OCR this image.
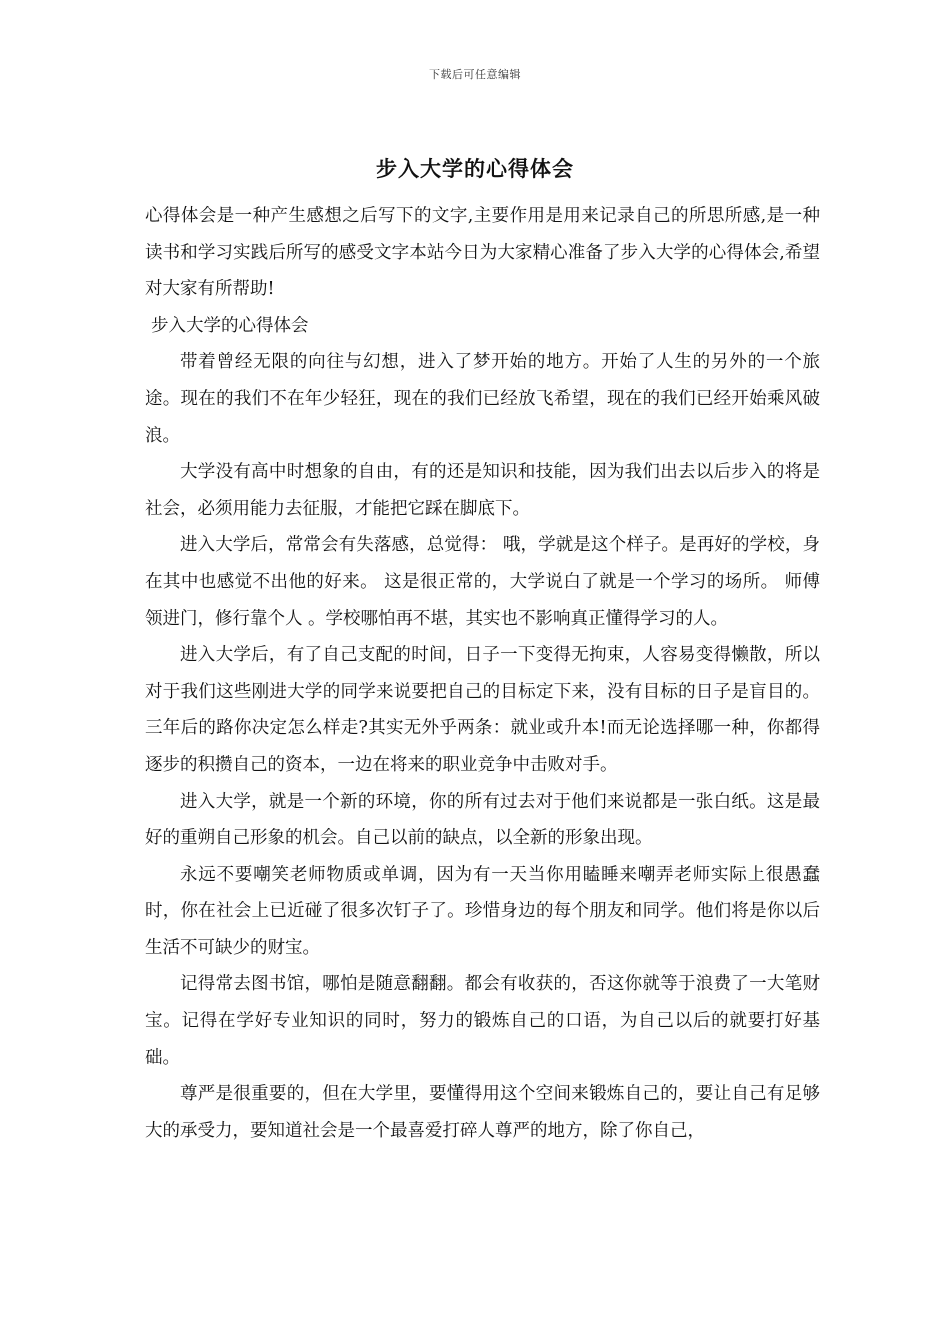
下载后可任意编辑
步入大学的心得体会

心得体会是一种产生感想之后写下的文字,主要作用是用来记录自己的所思所感,是一种读书和学习实践后所写的感受文字本站今日为大家精心准备了步入大学的心得体会,希望对大家有所帮助!

步入大学的心得体会

带着曾经无限的向往与幻想，进入了梦开始的地方。开始了人生的另外的一个旅途。现在的我们不在年少轻狂，现在的我们已经放飞希望，现在的我们已经开始乘风破浪。

大学没有高中时想象的自由，有的还是知识和技能，因为我们出去以后步入的将是社会，必须用能力去征服，才能把它踩在脚底下。

进入大学后，常常会有失落感，总觉得： 哦，学就是这个样子。是再好的学校，身在其中也感觉不出他的好来。 这是很正常的，大学说白了就是一个学习的场所。 师傅领进门，修行靠个人 。学校哪怕再不堪，其实也不影响真正懂得学习的人。

进入大学后，有了自己支配的时间，日子一下变得无拘束，人容易变得懒散，所以对于我们这些刚进大学的同学来说要把自己的目标定下来，没有目标的日子是盲目的。三年后的路你决定怎么样走?其实无外乎两条：就业或升本!而无论选择哪一种，你都得逐步的积攒自己的资本，一边在将来的职业竞争中击败对手。

进入大学，就是一个新的环境，你的所有过去对于他们来说都是一张白纸。这是最好的重朔自己形象的机会。自己以前的缺点，以全新的形象出现。

永远不要嘲笑老师物质或单调，因为有一天当你用瞌睡来嘲弄老师实际上很愚蠢时，你在社会上已近碰了很多次钉子了。珍惜身边的每个朋友和同学。他们将是你以后生活不可缺少的财宝。

记得常去图书馆，哪怕是随意翻翻。都会有收获的，否这你就等于浪费了一大笔财宝。记得在学好专业知识的同时，努力的锻炼自己的口语，为自己以后的就要打好基础。

尊严是很重要的，但在大学里，要懂得用这个空间来锻炼自己的，要让自己有足够大的承受力，要知道社会是一个最喜爱打碎人尊严的地方，除了你自己，
